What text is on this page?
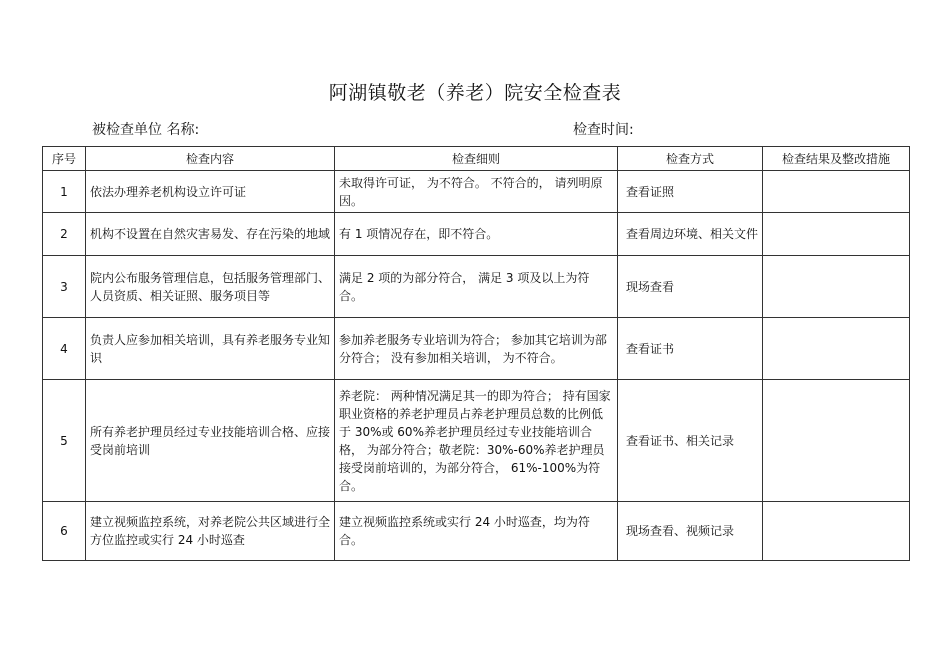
阿湖镇敬老（养老）院安全检查表
被检查单位 名称:	检查时间:
序号	检查内容	检查细则	检查方式	检查结果及整改措施
1	依法办理养老机构设立许可证	未取得许可证， 为不符合。 不符合的， 请列明原因。	查看证照	
2	机构不设置在自然灾害易发、存在污染的地域	有 1 项情况存在，即不符合。	查看周边环境、相关文件	
3	院内公布服务管理信息，包括服务管理部门、人员资质、相关证照、服务项目等	满足 2 项的为部分符合， 满足 3 项及以上为符合。	现场查看	
4	负责人应参加相关培训，具有养老服务专业知识	参加养老服务专业培训为符合； 参加其它培训为部分符合； 没有参加相关培训， 为不符合。	查看证书	
5	所有养老护理员经过专业技能培训合格、应接受岗前培训	养老院： 两种情况满足其一的即为符合； 持有国家职业资格的养老护理员占养老护理员总数的比例低于 30%或 60%养老护理员经过专业技能培训合格， 为部分符合；敬老院：30%-60%养老护理员接受岗前培训的，为部分符合， 61%-100%为符合。	查看证书、相关记录	
6	建立视频监控系统，对养老院公共区域进行全方位监控或实行 24 小时巡查	建立视频监控系统或实行 24 小时巡查，均为符合。	现场查看、视频记录	
